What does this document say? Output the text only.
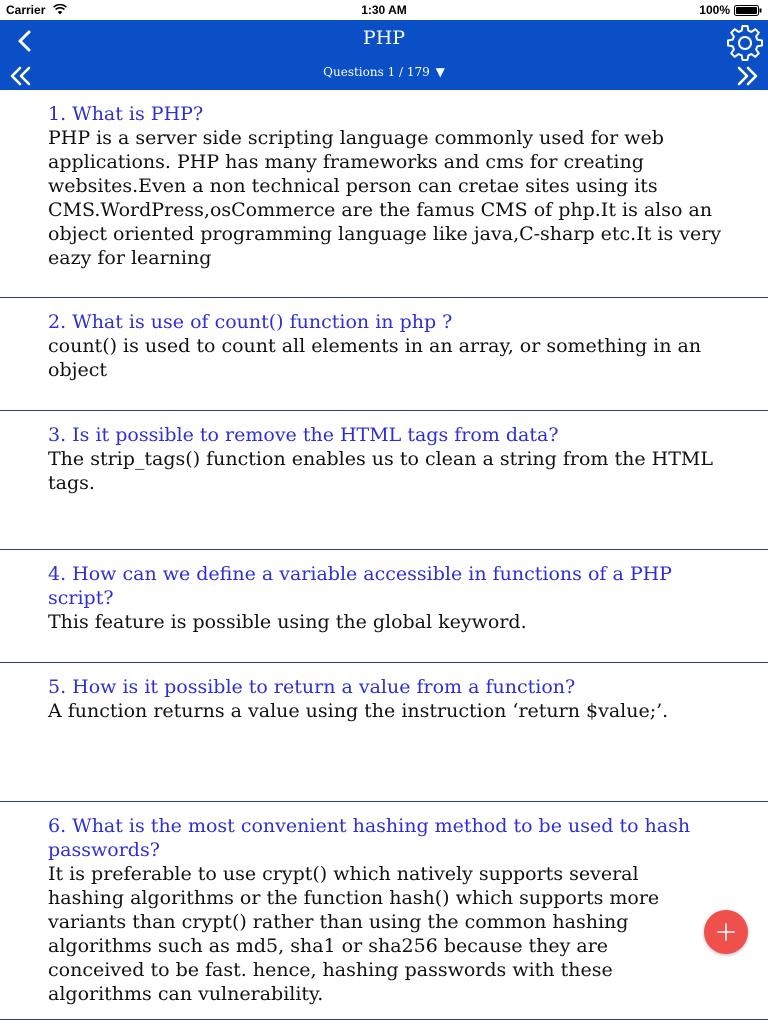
Carrier	1:30 AM	100%
PHP
Questions 1 / 179 ▼
1. What is PHP?
PHP is a server side scripting language commonly used for web applications. PHP has many frameworks and cms for creating websites.Even a non technical person can cretae sites using its CMS.WordPress,osCommerce are the famus CMS of php.It is also an object oriented programming language like java,C-sharp etc.It is very eazy for learning
2. What is use of count() function in php ?
count() is used to count all elements in an array, or something in an object
3. Is it possible to remove the HTML tags from data?
The strip_tags() function enables us to clean a string from the HTML tags.
4. How can we define a variable accessible in functions of a PHP script?
This feature is possible using the global keyword.
5. How is it possible to return a value from a function?
A function returns a value using the instruction ‘return $value;’.
6. What is the most convenient hashing method to be used to hash passwords?
It is preferable to use crypt() which natively supports several hashing algorithms or the function hash() which supports more variants than crypt() rather than using the common hashing algorithms such as md5, sha1 or sha256 because they are conceived to be fast. hence, hashing passwords with these algorithms can vulnerability.
